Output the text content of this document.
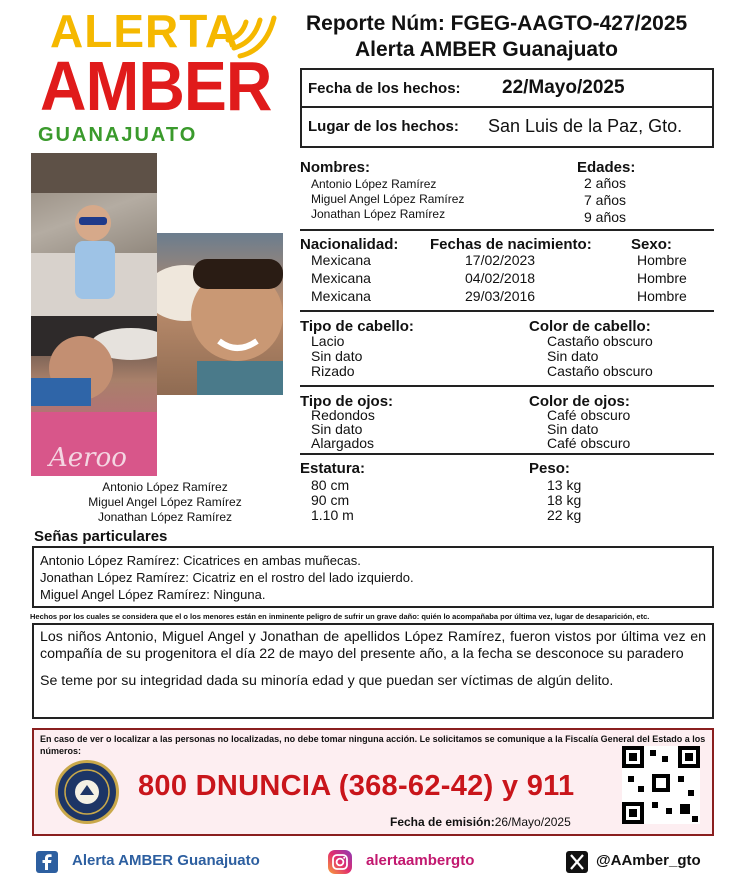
ALERTA
AMBER
GUANAJUATO
Reporte Núm: FGEG-AAGTO-427/2025
Alerta AMBER Guanajuato
Fecha de los hechos: 22/Mayo/2025
Lugar de los hechos: San Luis de la Paz, Gto.
Aeroo
Antonio López Ramírez
Miguel Angel López Ramírez
Jonathan López Ramírez
Nombres:
Antonio López Ramírez
Miguel Angel López Ramírez
Jonathan López Ramírez
Edades:
2 años
7 años
9 años
Nacionalidad:
Mexicana
Mexicana
Mexicana
Fechas de nacimiento:
17/02/2023
04/02/2018
29/03/2016
Sexo:
Hombre
Hombre
Hombre
Tipo de cabello:
Lacio
Sin dato
Rizado
Color de cabello:
Castaño obscuro
Sin dato
Castaño obscuro
Tipo de ojos:
Redondos
Sin dato
Alargados
Color de ojos:
Café obscuro
Sin dato
Café obscuro
Estatura:
80 cm
90 cm
1.10 m
Peso:
13 kg
18 kg
22 kg
Señas particulares
Antonio López Ramírez: Cicatrices en ambas muñecas.
Jonathan López Ramírez: Cicatriz en el rostro del lado izquierdo.
Miguel Angel López Ramírez: Ninguna.
Hechos por los cuales se considera que el o los menores están en inminente peligro de sufrir un grave daño: quién lo acompañaba por última vez, lugar de desaparición, etc.
Los niños Antonio, Miguel Angel y Jonathan de apellidos López Ramírez, fueron vistos por última vez en compañía de su progenitora el día 22 de mayo del presente año, a la fecha se desconoce su paradero
Se teme por su integridad dada su minoría edad y que puedan ser víctimas de algún delito.
En caso de ver o localizar a las personas no localizadas, no debe tomar ninguna acción. Le solicitamos se comunique a la Fiscalía General del Estado a los números:
800 DNUNCIA (368-62-42) y 911
Fecha de emisión:26/Mayo/2025
Alerta AMBER Guanajuato	alertaambergto	@AAmber_gto
